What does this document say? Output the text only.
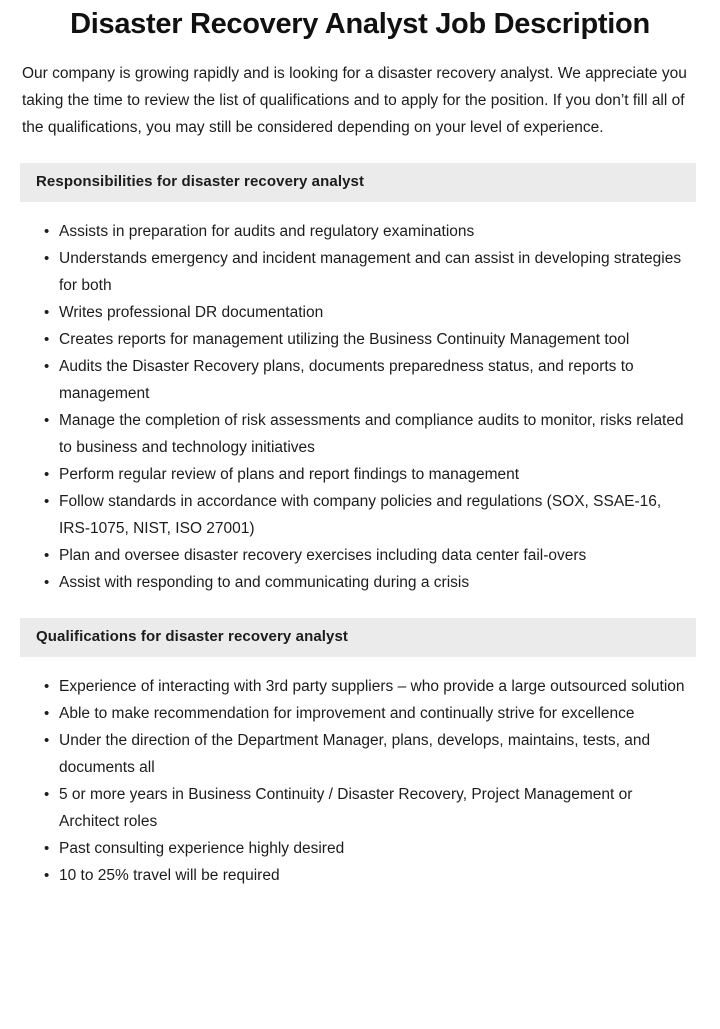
Disaster Recovery Analyst Job Description

Our company is growing rapidly and is looking for a disaster recovery analyst. We appreciate you taking the time to review the list of qualifications and to apply for the position. If you don’t fill all of the qualifications, you may still be considered depending on your level of experience.

Responsibilities for disaster recovery analyst
• Assists in preparation for audits and regulatory examinations
• Understands emergency and incident management and can assist in developing strategies for both
• Writes professional DR documentation
• Creates reports for management utilizing the Business Continuity Management tool
• Audits the Disaster Recovery plans, documents preparedness status, and reports to management
• Manage the completion of risk assessments and compliance audits to monitor, risks related to business and technology initiatives
• Perform regular review of plans and report findings to management
• Follow standards in accordance with company policies and regulations (SOX, SSAE-16, IRS-1075, NIST, ISO 27001)
• Plan and oversee disaster recovery exercises including data center fail-overs
• Assist with responding to and communicating during a crisis
Qualifications for disaster recovery analyst
• Experience of interacting with 3rd party suppliers – who provide a large outsourced solution
• Able to make recommendation for improvement and continually strive for excellence
• Under the direction of the Department Manager, plans, develops, maintains, tests, and documents all
• 5 or more years in Business Continuity / Disaster Recovery, Project Management or Architect roles
• Past consulting experience highly desired
• 10 to 25% travel will be required
